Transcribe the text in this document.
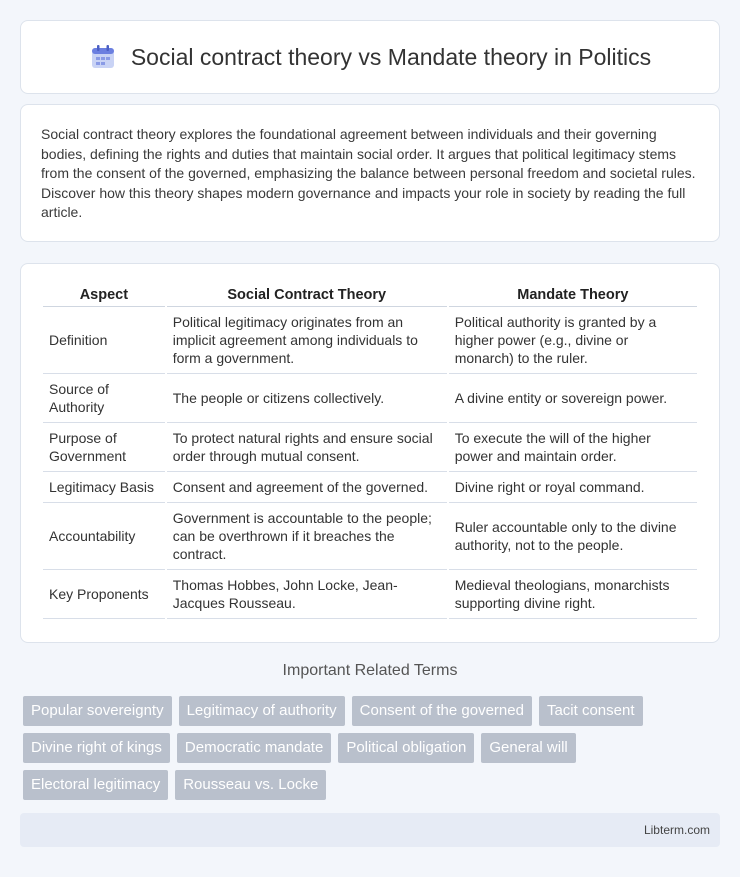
Social contract theory vs Mandate theory in Politics

Social contract theory explores the foundational agreement between individuals and their governing bodies, defining the rights and duties that maintain social order. It argues that political legitimacy stems from the consent of the governed, emphasizing the balance between personal freedom and societal rules. Discover how this theory shapes modern governance and impacts your role in society by reading the full article.

Aspect	Social Contract Theory	Mandate Theory
Definition	Political legitimacy originates from an implicit agreement among individuals to form a government.	Political authority is granted by a higher power (e.g., divine or monarch) to the ruler.
Source of Authority	The people or citizens collectively.	A divine entity or sovereign power.
Purpose of Government	To protect natural rights and ensure social order through mutual consent.	To execute the will of the higher power and maintain order.
Legitimacy Basis	Consent and agreement of the governed.	Divine right or royal command.
Accountability	Government is accountable to the people; can be overthrown if it breaches the contract.	Ruler accountable only to the divine authority, not to the people.
Key Proponents	Thomas Hobbes, John Locke, Jean-Jacques Rousseau.	Medieval theologians, monarchists supporting divine right.
Important Related Terms
Popular sovereignty	Legitimacy of authority	Consent of the governed	Tacit consent
Divine right of kings	Democratic mandate	Political obligation	General will
Electoral legitimacy	Rousseau vs. Locke
Libterm.com
